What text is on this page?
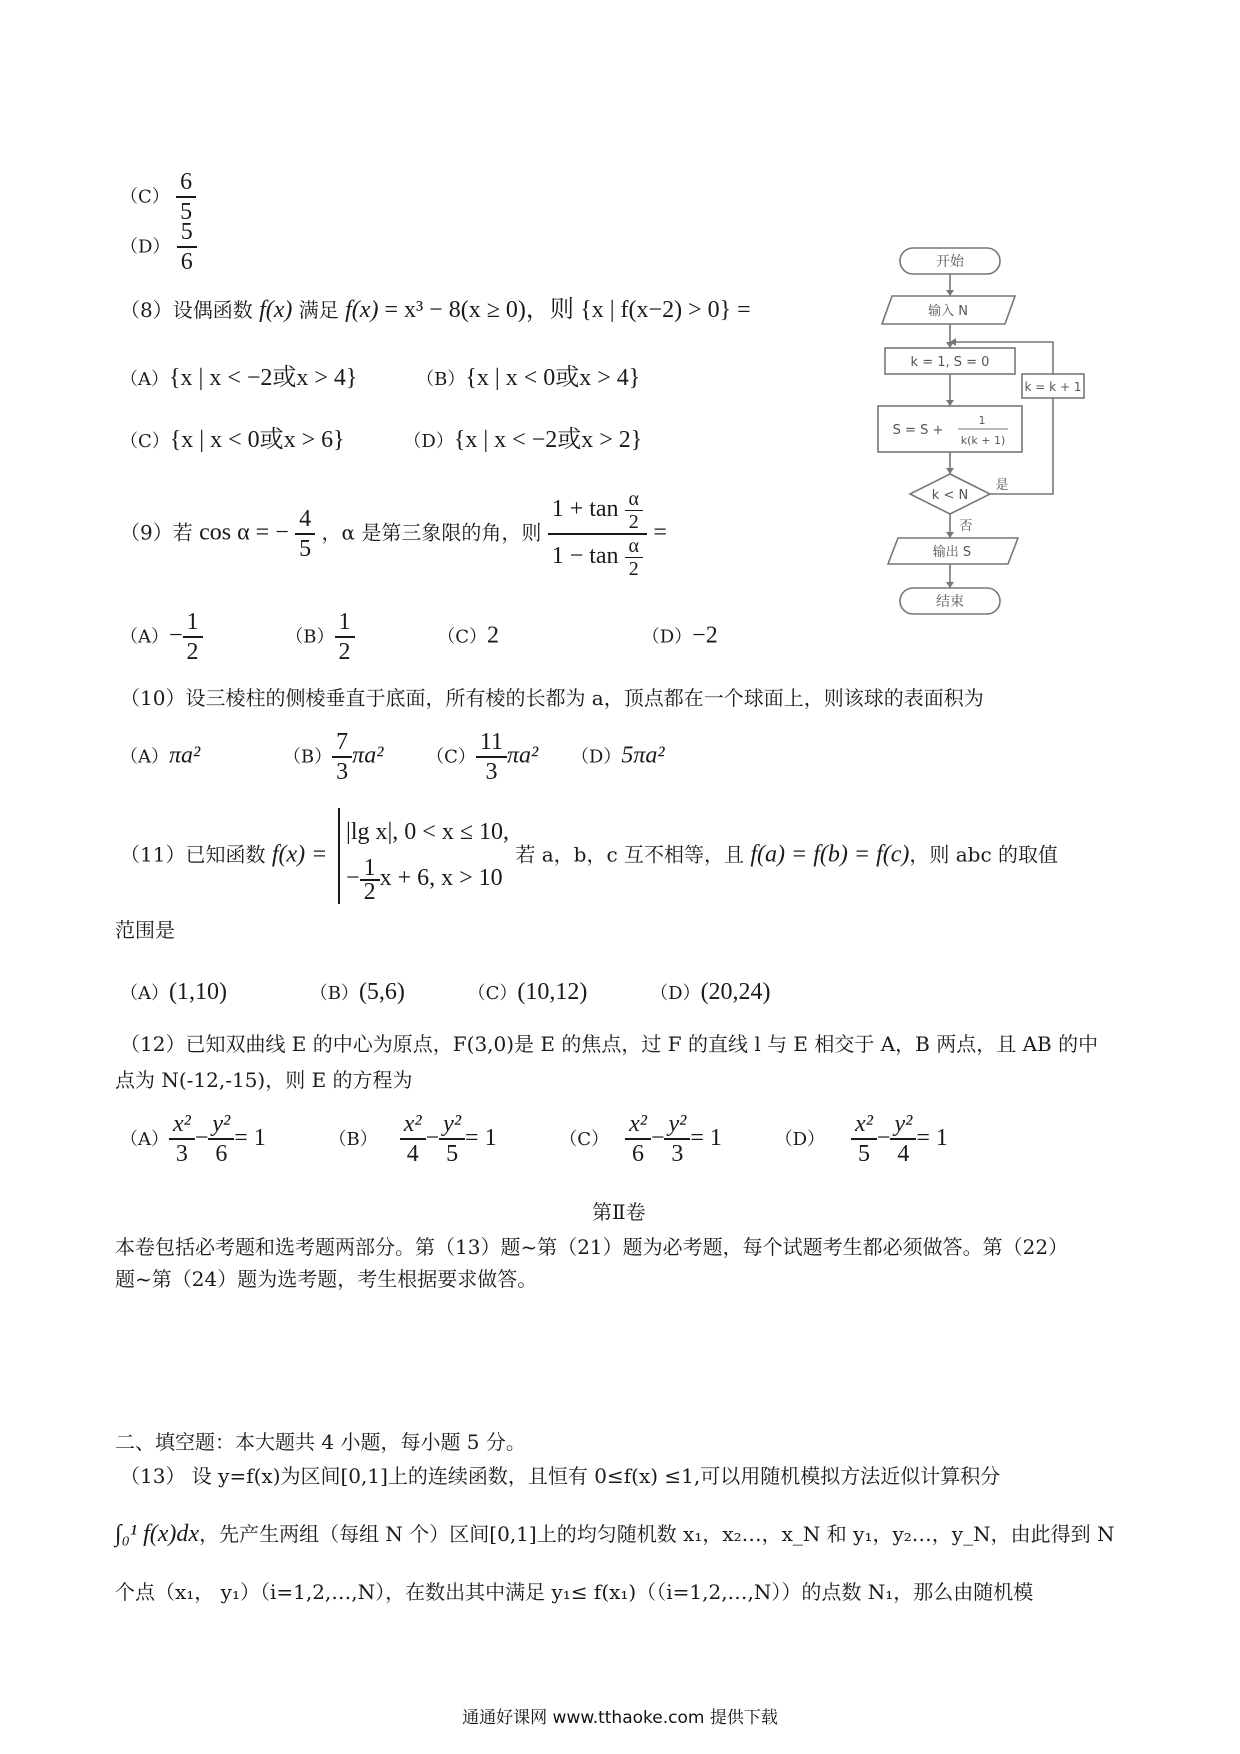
$(C) \frac{6}{5}$
$(D) \frac{5}{6}$
（8）设偶函数 f(x) 满足 f(x) = x³ − 8(x ≥ 0)，则 {x | f(x−2) > 0} =
（A）{x | x < −2或x > 4}	（B）{x | x < 0或x > 4}
（C）{x | x < 0或x > 6}	（D）{x | x < −2或x > 2}
（9）若 cos α = − $\frac{4}{5}$ ，α 是第三象限的角，则 $\frac{1 + \tan \frac{\alpha}{2}}{1 - \tan \frac{\alpha}{2}}$ =
$(A)- \frac{1}{2}$	$(B) \frac{1}{2}$	（C）2	（D）−2
（10）设三棱柱的侧棱垂直于底面，所有棱的长都为 a，顶点都在一个球面上，则该球的表面积为
（A）πa²	$(B) \frac{7}{3} \pi a^2$ $(C) \frac{11}{3} \pi a^2$ （D）5πa²
（11）已知函数 f(x) =
|lg x|, 0 < x ≤ 10,
− $\frac{1}{2}$ x + 6, x > 10
若 a，b，c 互不相等，且 f(a) = f(b) = f(c)，则 abc 的取值
范围是
（A）(1,10)	（B）(5,6)	（C）(10,12)	（D）(20,24)
（12）已知双曲线 E 的中心为原点，F(3,0)是 E 的焦点，过 F 的直线 l 与 E 相交于 A，B 两点，且 AB 的中
点为 N(-12,-15)，则 E 的方程为
$(A) \frac{\text{x²}}{3} - \frac{\text{y²}}{6} = 1$	$(B) \frac{\text{x²}}{4} - \frac{\text{y²}}{5} = 1$	$(C) \frac{\text{x²}}{6} - \frac{\text{y²}}{3} = 1$	$(D) \frac{\text{x²}}{5} - \frac{\text{y²}}{4} = 1$
第Ⅱ卷
本卷包括必考题和选考题两部分。第（13）题~第（21）题为必考题，每个试题考生都必须做答。第（22）
题~第（24）题为选考题，考生根据要求做答。
二、填空题：本大题共 4 小题，每小题 5 分。
（13） 设 y=f(x)为区间[0,1]上的连续函数，且恒有 0≤f(x) ≤1,可以用随机模拟方法近似计算积分
∫₀¹ f(x)dx，先产生两组（每组 N 个）区间[0,1]上的均匀随机数 x₁，x₂…，x_N 和 y₁，y₂…，y_N，由此得到 N
个点（x₁， y₁）（i=1,2,…,N），在数出其中满足 y₁≤ f(x₁)（（i=1,2,…,N））的点数 N₁，那么由随机模
开始
输入 N
k = 1, S = 0
S = S +
1
k(k + 1)
k = k + 1
k < N
是
否
输出 S
结束
通通好课网 www.tthaoke.com 提供下载
